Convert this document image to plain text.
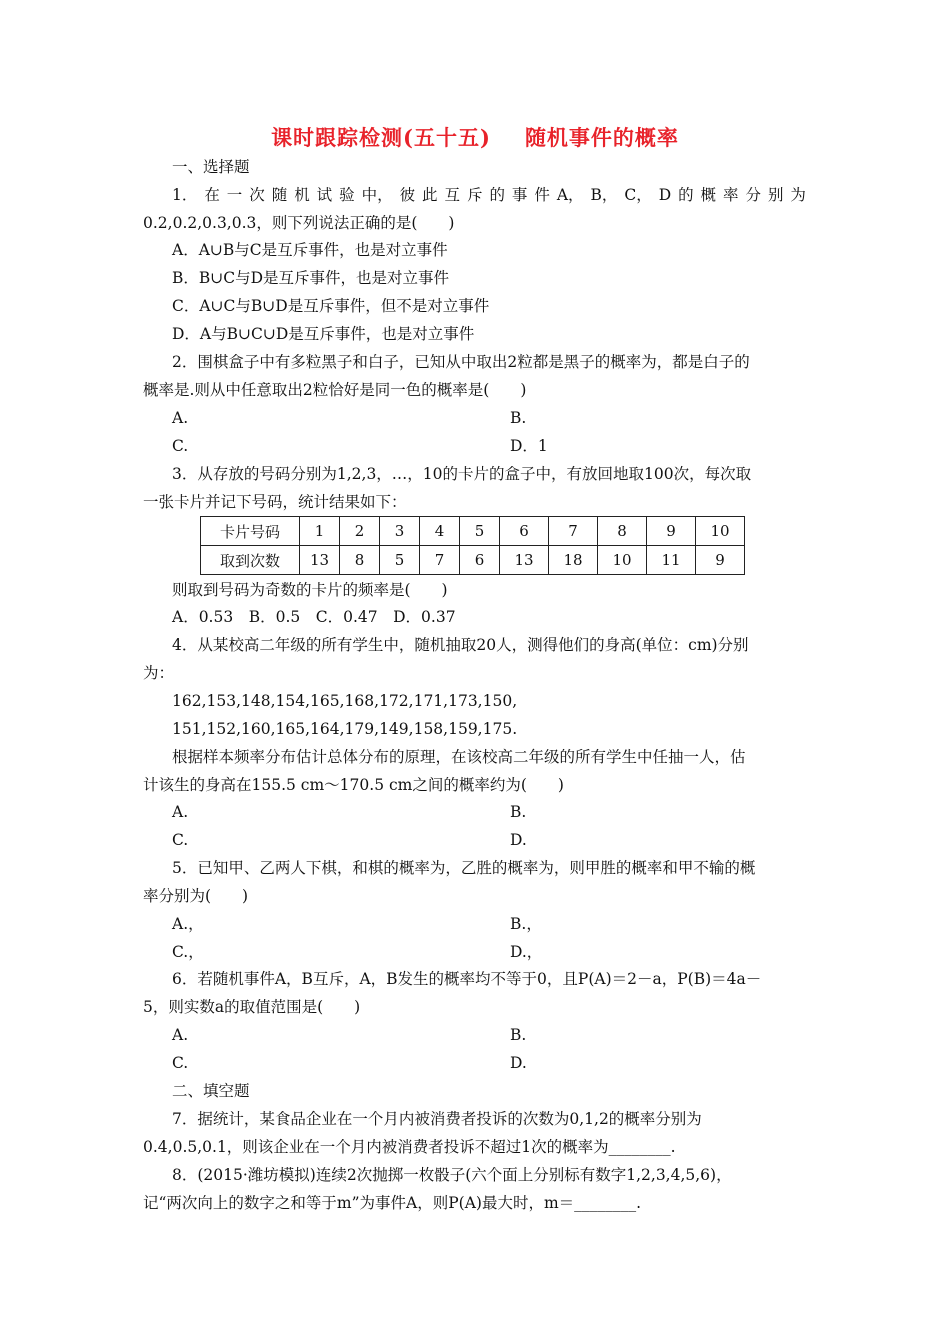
课时跟踪检测(五十五) 随机事件的概率
一、选择题
1． 在 一 次 随 机 试 验 中， 彼 此 互 斥 的 事 件 A， B， C， D 的 概 率 分 别 为
0.2,0.2,0.3,0.3，则下列说法正确的是(　　)
A．A∪B与C是互斥事件，也是对立事件
B．B∪C与D是互斥事件，也是对立事件
C．A∪C与B∪D是互斥事件，但不是对立事件
D．A与B∪C∪D是互斥事件，也是对立事件
2．围棋盒子中有多粒黑子和白子，已知从中取出2粒都是黑子的概率为，都是白子的
概率是.则从中任意取出2粒恰好是同一色的概率是(　　)
A.	B.
C.	D．1
3．从存放的号码分别为1,2,3，…，10的卡片的盒子中，有放回地取100次，每次取
一张卡片并记下号码，统计结果如下：
卡片号码	1	2	3	4	5	6	7	8	9	10
取到次数	13	8	5	7	6	13	18	10	11	9
则取到号码为奇数的卡片的频率是(　　)
A．0.53　B．0.5　C．0.47　D．0.37
4．从某校高二年级的所有学生中，随机抽取20人，测得他们的身高(单位：cm)分别
为：
162,153,148,154,165,168,172,171,173,150,
151,152,160,165,164,179,149,158,159,175.
根据样本频率分布估计总体分布的原理，在该校高二年级的所有学生中任抽一人，估
计该生的身高在155.5 cm～170.5 cm之间的概率约为(　　)
A.	B.
C.	D.
5．已知甲、乙两人下棋，和棋的概率为，乙胜的概率为，则甲胜的概率和甲不输的概
率分别为(　　)
A.，	B.，
C.，	D.，
6．若随机事件A，B互斥，A，B发生的概率均不等于0，且P(A)＝2－a，P(B)＝4a－
5，则实数a的取值范围是(　　)
A.	B.
C.	D.
二、填空题
7．据统计，某食品企业在一个月内被消费者投诉的次数为0,1,2的概率分别为
0.4,0.5,0.1，则该企业在一个月内被消费者投诉不超过1次的概率为________.
8．(2015·潍坊模拟)连续2次抛掷一枚骰子(六个面上分别标有数字1,2,3,4,5,6)，
记“两次向上的数字之和等于m”为事件A，则P(A)最大时，m＝________.
